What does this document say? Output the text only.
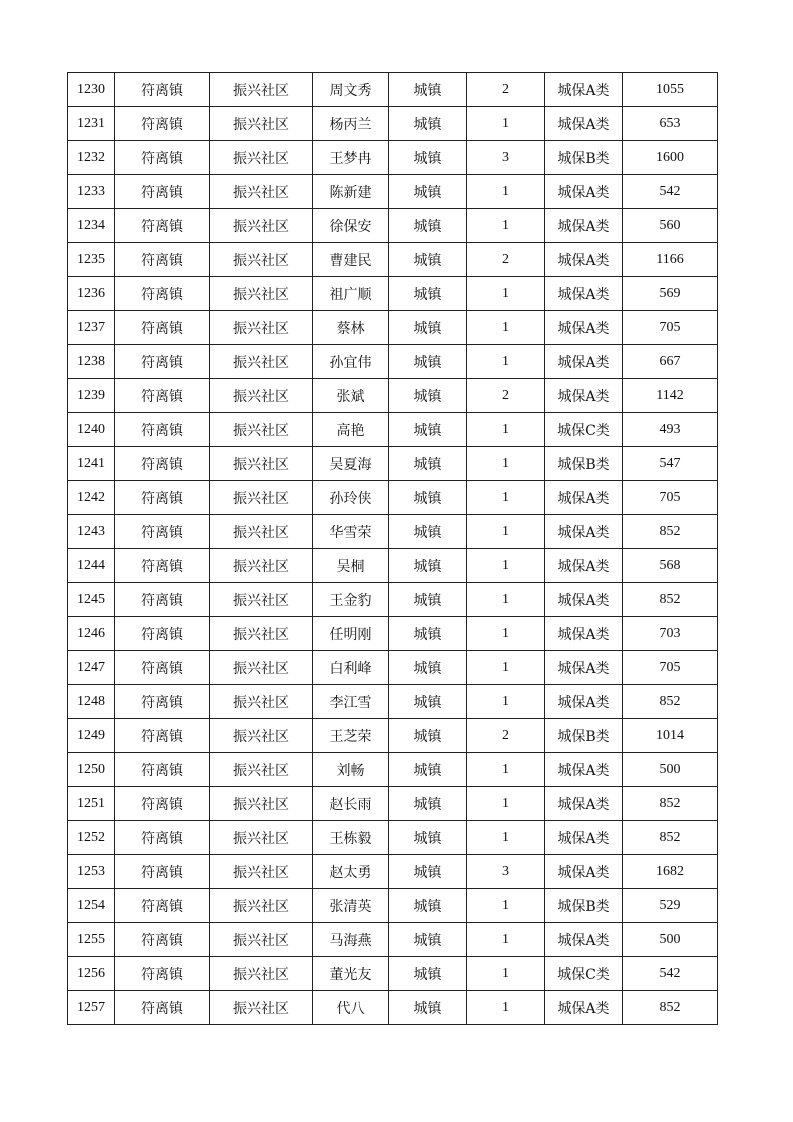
1230	符离镇	振兴社区	周文秀	城镇	2	城保A类	1055
1231	符离镇	振兴社区	杨丙兰	城镇	1	城保A类	653
1232	符离镇	振兴社区	王梦冉	城镇	3	城保B类	1600
1233	符离镇	振兴社区	陈新建	城镇	1	城保A类	542
1234	符离镇	振兴社区	徐保安	城镇	1	城保A类	560
1235	符离镇	振兴社区	曹建民	城镇	2	城保A类	1166
1236	符离镇	振兴社区	祖广顺	城镇	1	城保A类	569
1237	符离镇	振兴社区	蔡林	城镇	1	城保A类	705
1238	符离镇	振兴社区	孙宜伟	城镇	1	城保A类	667
1239	符离镇	振兴社区	张斌	城镇	2	城保A类	1142
1240	符离镇	振兴社区	高艳	城镇	1	城保C类	493
1241	符离镇	振兴社区	吴夏海	城镇	1	城保B类	547
1242	符离镇	振兴社区	孙玲侠	城镇	1	城保A类	705
1243	符离镇	振兴社区	华雪荣	城镇	1	城保A类	852
1244	符离镇	振兴社区	吴桐	城镇	1	城保A类	568
1245	符离镇	振兴社区	王金豹	城镇	1	城保A类	852
1246	符离镇	振兴社区	任明刚	城镇	1	城保A类	703
1247	符离镇	振兴社区	白利峰	城镇	1	城保A类	705
1248	符离镇	振兴社区	李江雪	城镇	1	城保A类	852
1249	符离镇	振兴社区	王芝荣	城镇	2	城保B类	1014
1250	符离镇	振兴社区	刘畅	城镇	1	城保A类	500
1251	符离镇	振兴社区	赵长雨	城镇	1	城保A类	852
1252	符离镇	振兴社区	王栋毅	城镇	1	城保A类	852
1253	符离镇	振兴社区	赵太勇	城镇	3	城保A类	1682
1254	符离镇	振兴社区	张清英	城镇	1	城保B类	529
1255	符离镇	振兴社区	马海燕	城镇	1	城保A类	500
1256	符离镇	振兴社区	董光友	城镇	1	城保C类	542
1257	符离镇	振兴社区	代八	城镇	1	城保A类	852
